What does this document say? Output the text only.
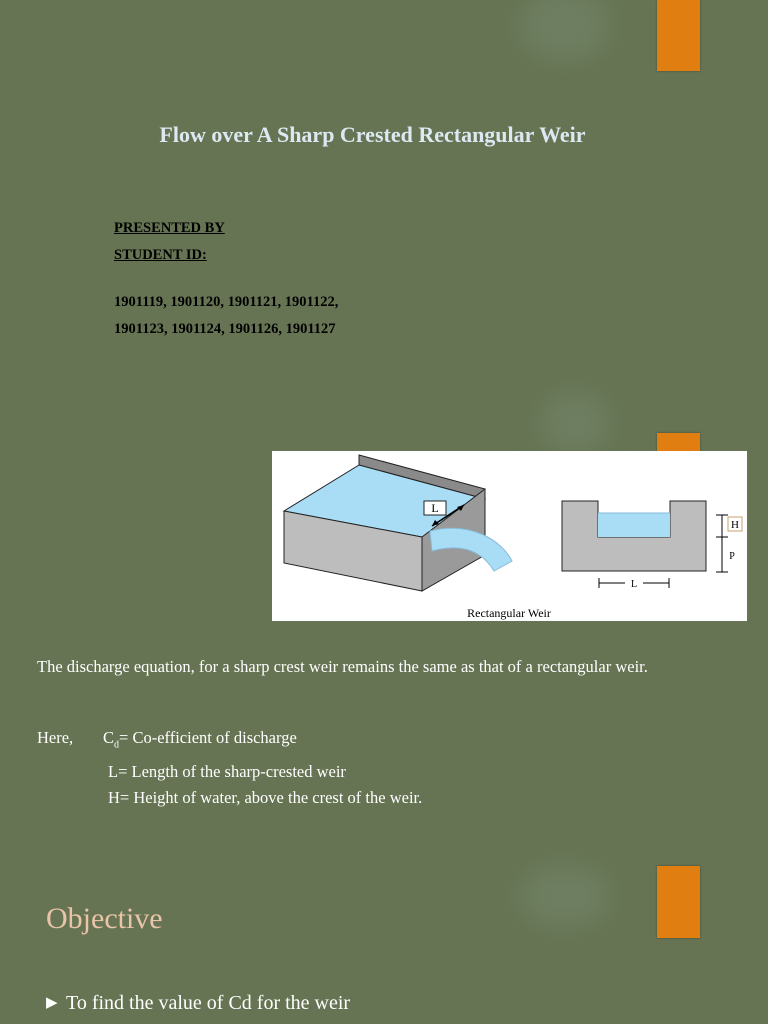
Flow over A Sharp Crested Rectangular Weir
PRESENTED BY
STUDENT ID:
1901119, 1901120, 1901121, 1901122,
1901123, 1901124, 1901126, 1901127
L
H
P
L
Rectangular Weir
The discharge equation, for a sharp crest weir remains the same as that of a rectangular weir.
Here, $C_d=$ Co-efficient of discharge
L= Length of the sharp-crested weir
H= Height of water, above the crest of the weir.
Objective
▶ To find the value of Cd for the weir
